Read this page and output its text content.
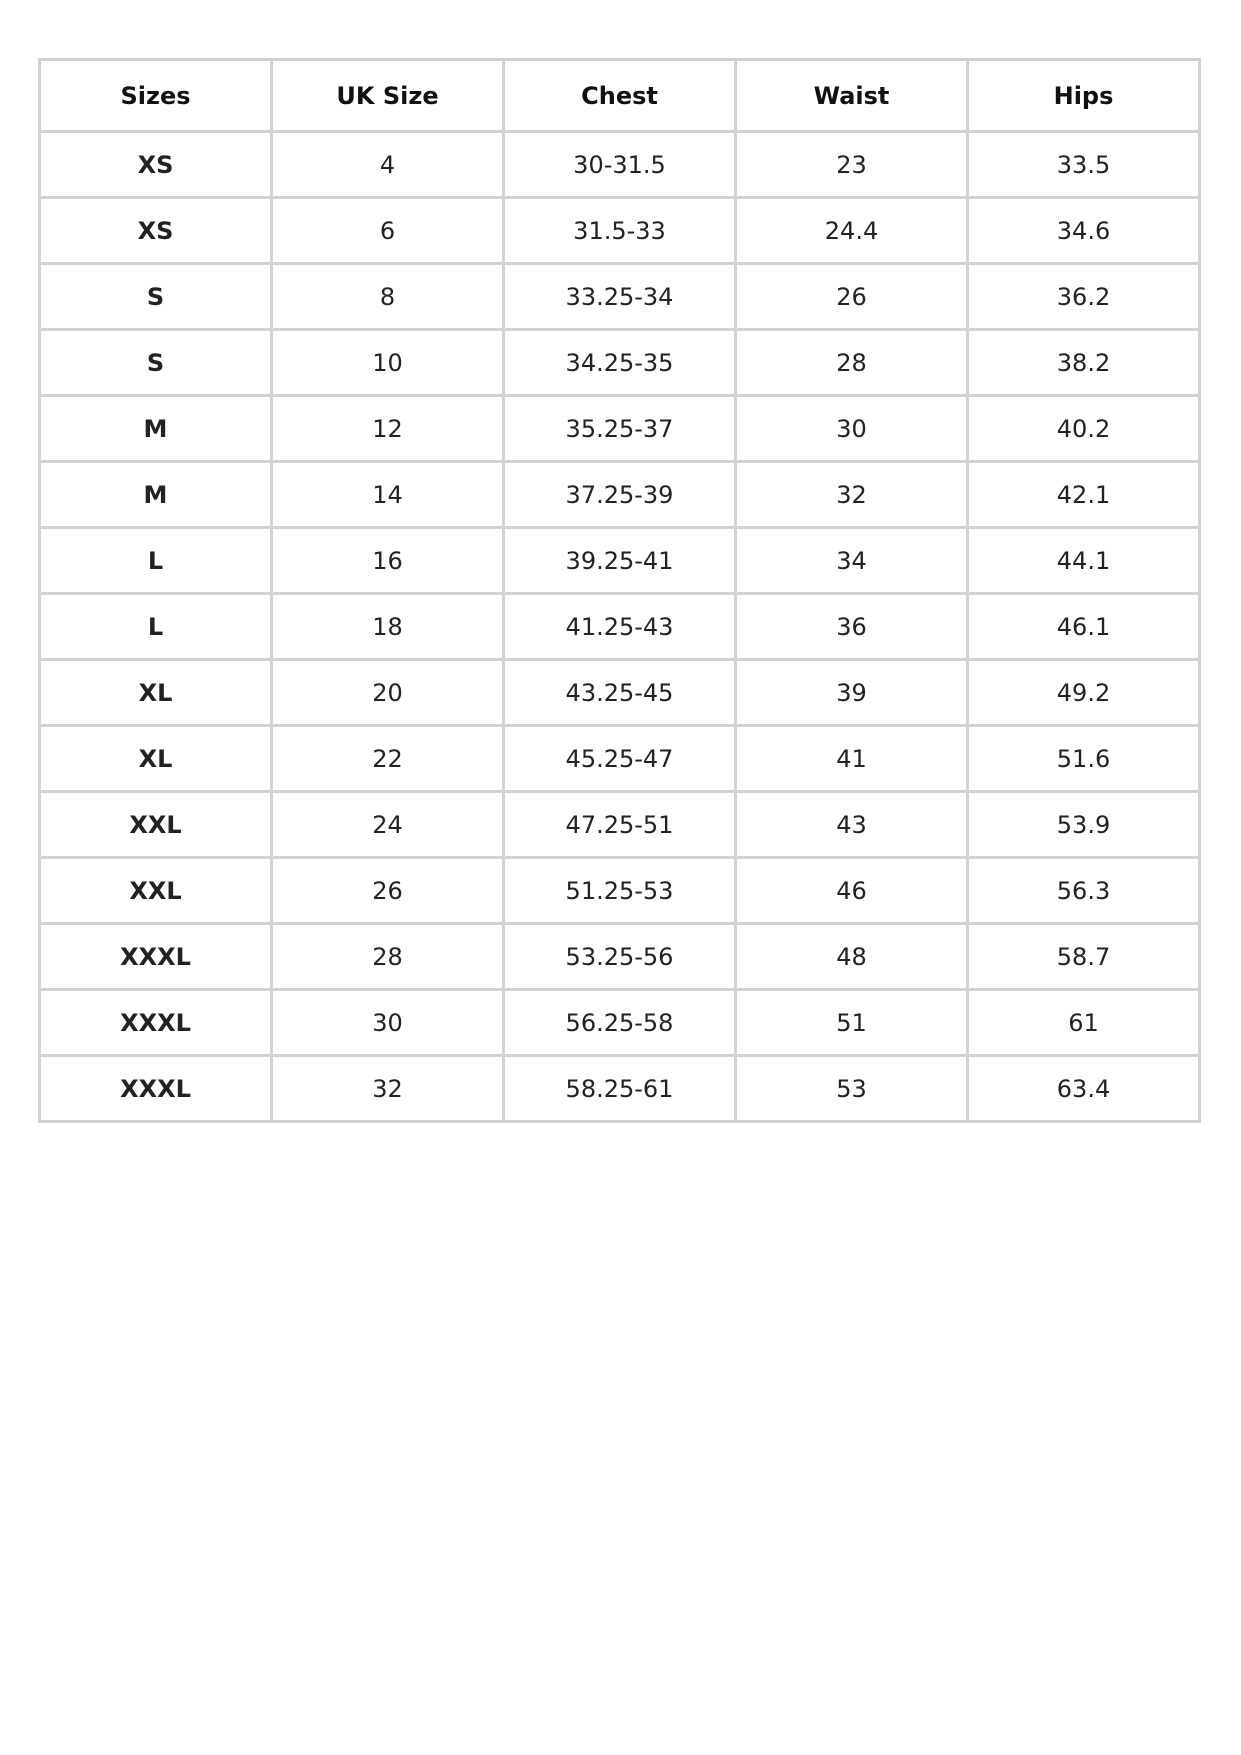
Sizes	UK Size	Chest	Waist	Hips
XS	4	30-31.5	23	33.5
XS	6	31.5-33	24.4	34.6
S	8	33.25-34	26	36.2
S	10	34.25-35	28	38.2
M	12	35.25-37	30	40.2
M	14	37.25-39	32	42.1
L	16	39.25-41	34	44.1
L	18	41.25-43	36	46.1
XL	20	43.25-45	39	49.2
XL	22	45.25-47	41	51.6
XXL	24	47.25-51	43	53.9
XXL	26	51.25-53	46	56.3
XXXL	28	53.25-56	48	58.7
XXXL	30	56.25-58	51	61
XXXL	32	58.25-61	53	63.4
